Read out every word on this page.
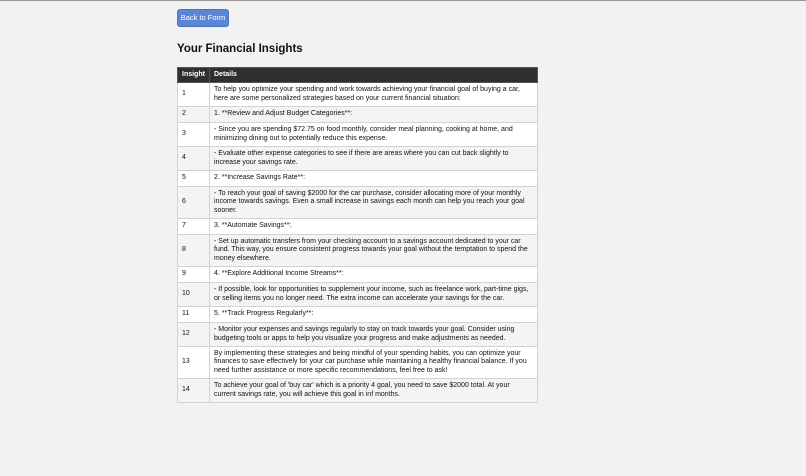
Back to Form
Your Financial Insights
Insight	Details
1	To help you optimize your spending and work towards achieving your financial goal of buying a car, here are some personalized strategies based on your current financial situation:
2	1. **Review and Adjust Budget Categories**:
3	- Since you are spending $72.75 on food monthly, consider meal planning, cooking at home, and minimizing dining out to potentially reduce this expense.
4	- Evaluate other expense categories to see if there are areas where you can cut back slightly to increase your savings rate.
5	2. **Increase Savings Rate**:
6	- To reach your goal of saving $2000 for the car purchase, consider allocating more of your monthly income towards savings. Even a small increase in savings each month can help you reach your goal sooner.
7	3. **Automate Savings**:
8	- Set up automatic transfers from your checking account to a savings account dedicated to your car fund. This way, you ensure consistent progress towards your goal without the temptation to spend the money elsewhere.
9	4. **Explore Additional Income Streams**:
10	- If possible, look for opportunities to supplement your income, such as freelance work, part-time gigs, or selling items you no longer need. The extra income can accelerate your savings for the car.
11	5. **Track Progress Regularly**:
12	- Monitor your expenses and savings regularly to stay on track towards your goal. Consider using budgeting tools or apps to help you visualize your progress and make adjustments as needed.
13	By implementing these strategies and being mindful of your spending habits, you can optimize your finances to save effectively for your car purchase while maintaining a healthy financial balance. If you need further assistance or more specific recommendations, feel free to ask!
14	To achieve your goal of 'buy car' which is a priority 4 goal, you need to save $2000 total. At your current savings rate, you will achieve this goal in inf months.
